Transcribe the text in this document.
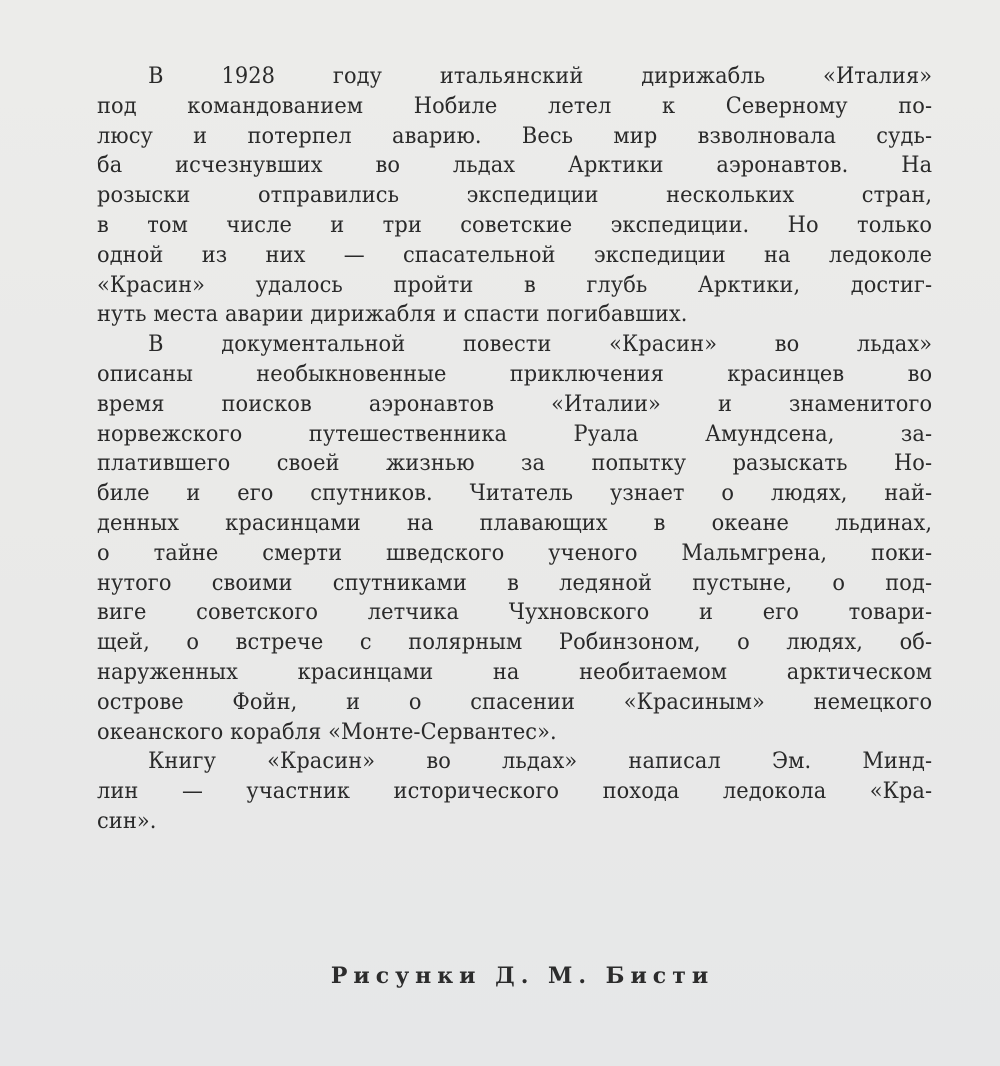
В 1928 году итальянский дирижабль «Италия»
под командованием Нобиле летел к Северному по-
люсу и потерпел аварию. Весь мир взволновала судь-
ба исчезнувших во льдах Арктики аэронавтов. На
розыски отправились экспедиции нескольких стран,
в том числе и три советские экспедиции. Но только
одной из них — спасательной экспедиции на ледоколе
«Красин» удалось пройти в глубь Арктики, достиг-
нуть места аварии дирижабля и спасти погибавших.
В документальной повести «Красин» во льдах»
описаны необыкновенные приключения красинцев во
время поисков аэронавтов «Италии» и знаменитого
норвежского путешественника Руала Амундсена, за-
платившего своей жизнью за попытку разыскать Но-
биле и его спутников. Читатель узнает о людях, най-
денных красинцами на плавающих в океане льдинах,
о тайне смерти шведского ученого Мальмгрена, поки-
нутого своими спутниками в ледяной пустыне, о под-
виге советского летчика Чухновского и его товари-
щей, о встрече с полярным Робинзоном, о людях, об-
наруженных красинцами на необитаемом арктическом
острове Фойн, и о спасении «Красиным» немецкого
океанского корабля «Монте-Сервантес».
Книгу «Красин» во льдах» написал Эм. Минд-
лин — участник исторического похода ледокола «Кра-
син».
Рисунки Д. М. Бисти
